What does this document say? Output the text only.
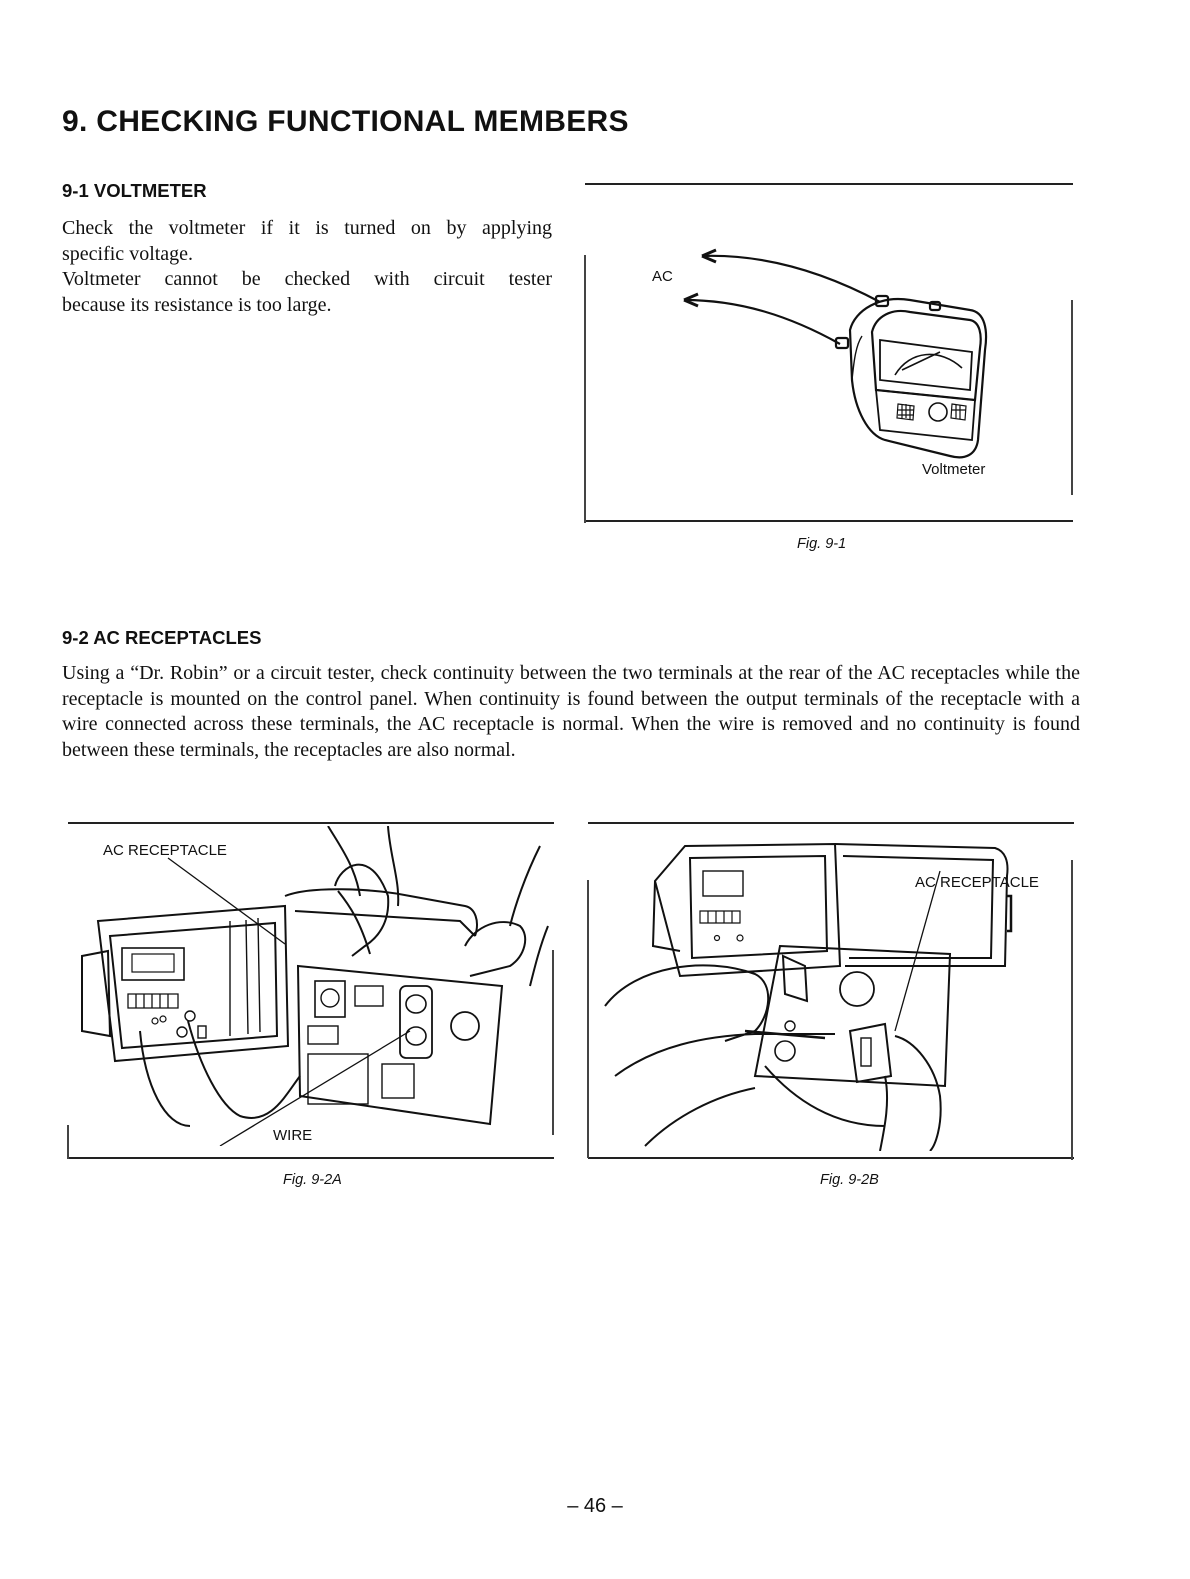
9. CHECKING FUNCTIONAL MEMBERS
9-1 VOLTMETER
Check the voltmeter if it is turned on by applying
specific voltage.
Voltmeter cannot be checked with circuit tester
because its resistance is too large.
AC
Voltmeter
Fig. 9-1
9-2 AC RECEPTACLES
Using a “Dr. Robin” or a circuit tester, check continuity between the two terminals at the rear of the AC receptacles while the receptacle is mounted on the control panel. When continuity is found between the output terminals of the receptacle with a wire connected across these terminals, the AC receptacle is normal. When the wire is removed and no continuity is found between these terminals, the receptacles are also normal.
AC RECEPTACLE
WIRE
Fig. 9-2A
AC RECEPTACLE
Fig. 9-2B
– 46 –
